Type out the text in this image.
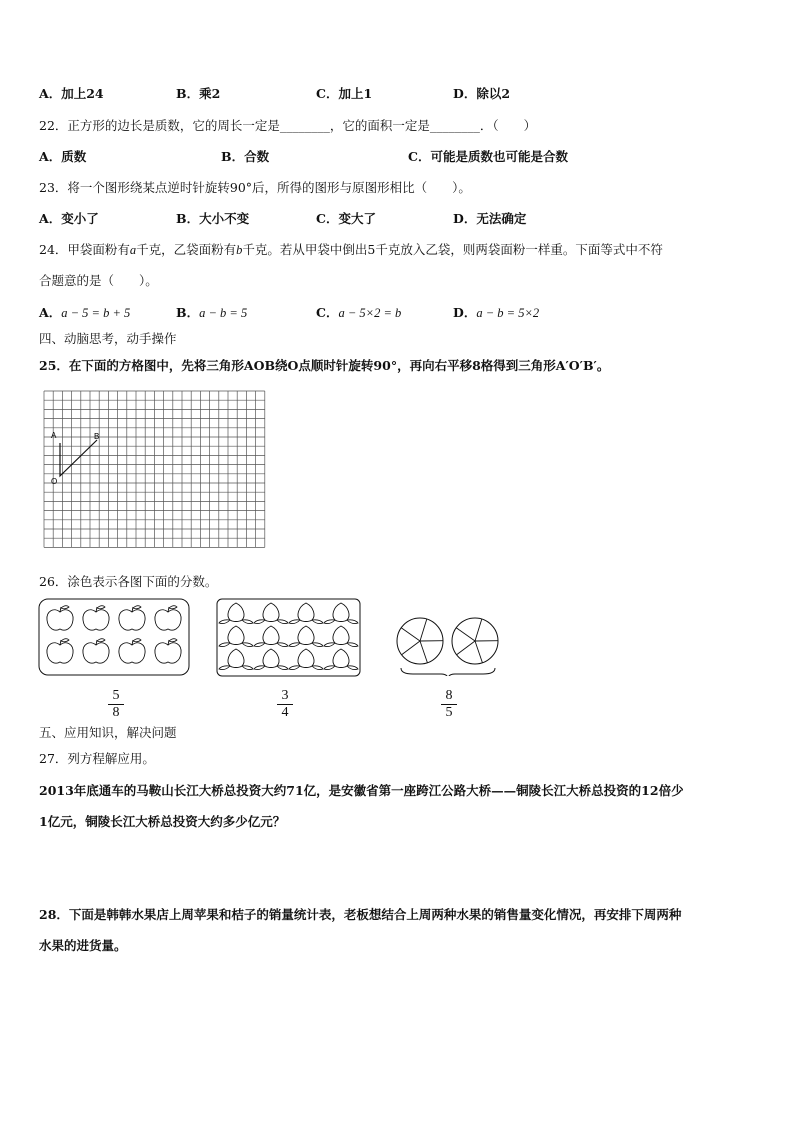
A．加上24	B．乘2	C．加上1	D．除以2
22．正方形的边长是质数，它的周长一定是________，它的面积一定是________．（　　）
A．质数	B．合数	C．可能是质数也可能是合数
23．将一个图形绕某点逆时针旋转90°后，所得的图形与原图形相比（　　）。
A．变小了	B．大小不变	C．变大了	D．无法确定
24．甲袋面粉有a千克，乙袋面粉有b千克。若从甲袋中倒出5千克放入乙袋，则两袋面粉一样重。下面等式中不符
合题意的是（　　）。
A．a − 5 = b + 5	B．a − b = 5	C．a − 5×2 = b	D．a − b = 5×2
四、动脑思考，动手操作
25．在下面的方格图中，先将三角形AOB绕O点顺时针旋转90°，再向右平移8格得到三角形A′O′B′。
A	B
O
26．涂色表示各图下面的分数。
5
8
3
4
8
5
五、应用知识，解决问题
27．列方程解应用。
2013年底通车的马鞍山长江大桥总投资大约71亿，是安徽省第一座跨江公路大桥——铜陵长江大桥总投资的12倍少
1亿元，铜陵长江大桥总投资大约多少亿元？
28．下面是韩韩水果店上周苹果和桔子的销量统计表，老板想结合上周两种水果的销售量变化情况，再安排下周两种
水果的进货量。
